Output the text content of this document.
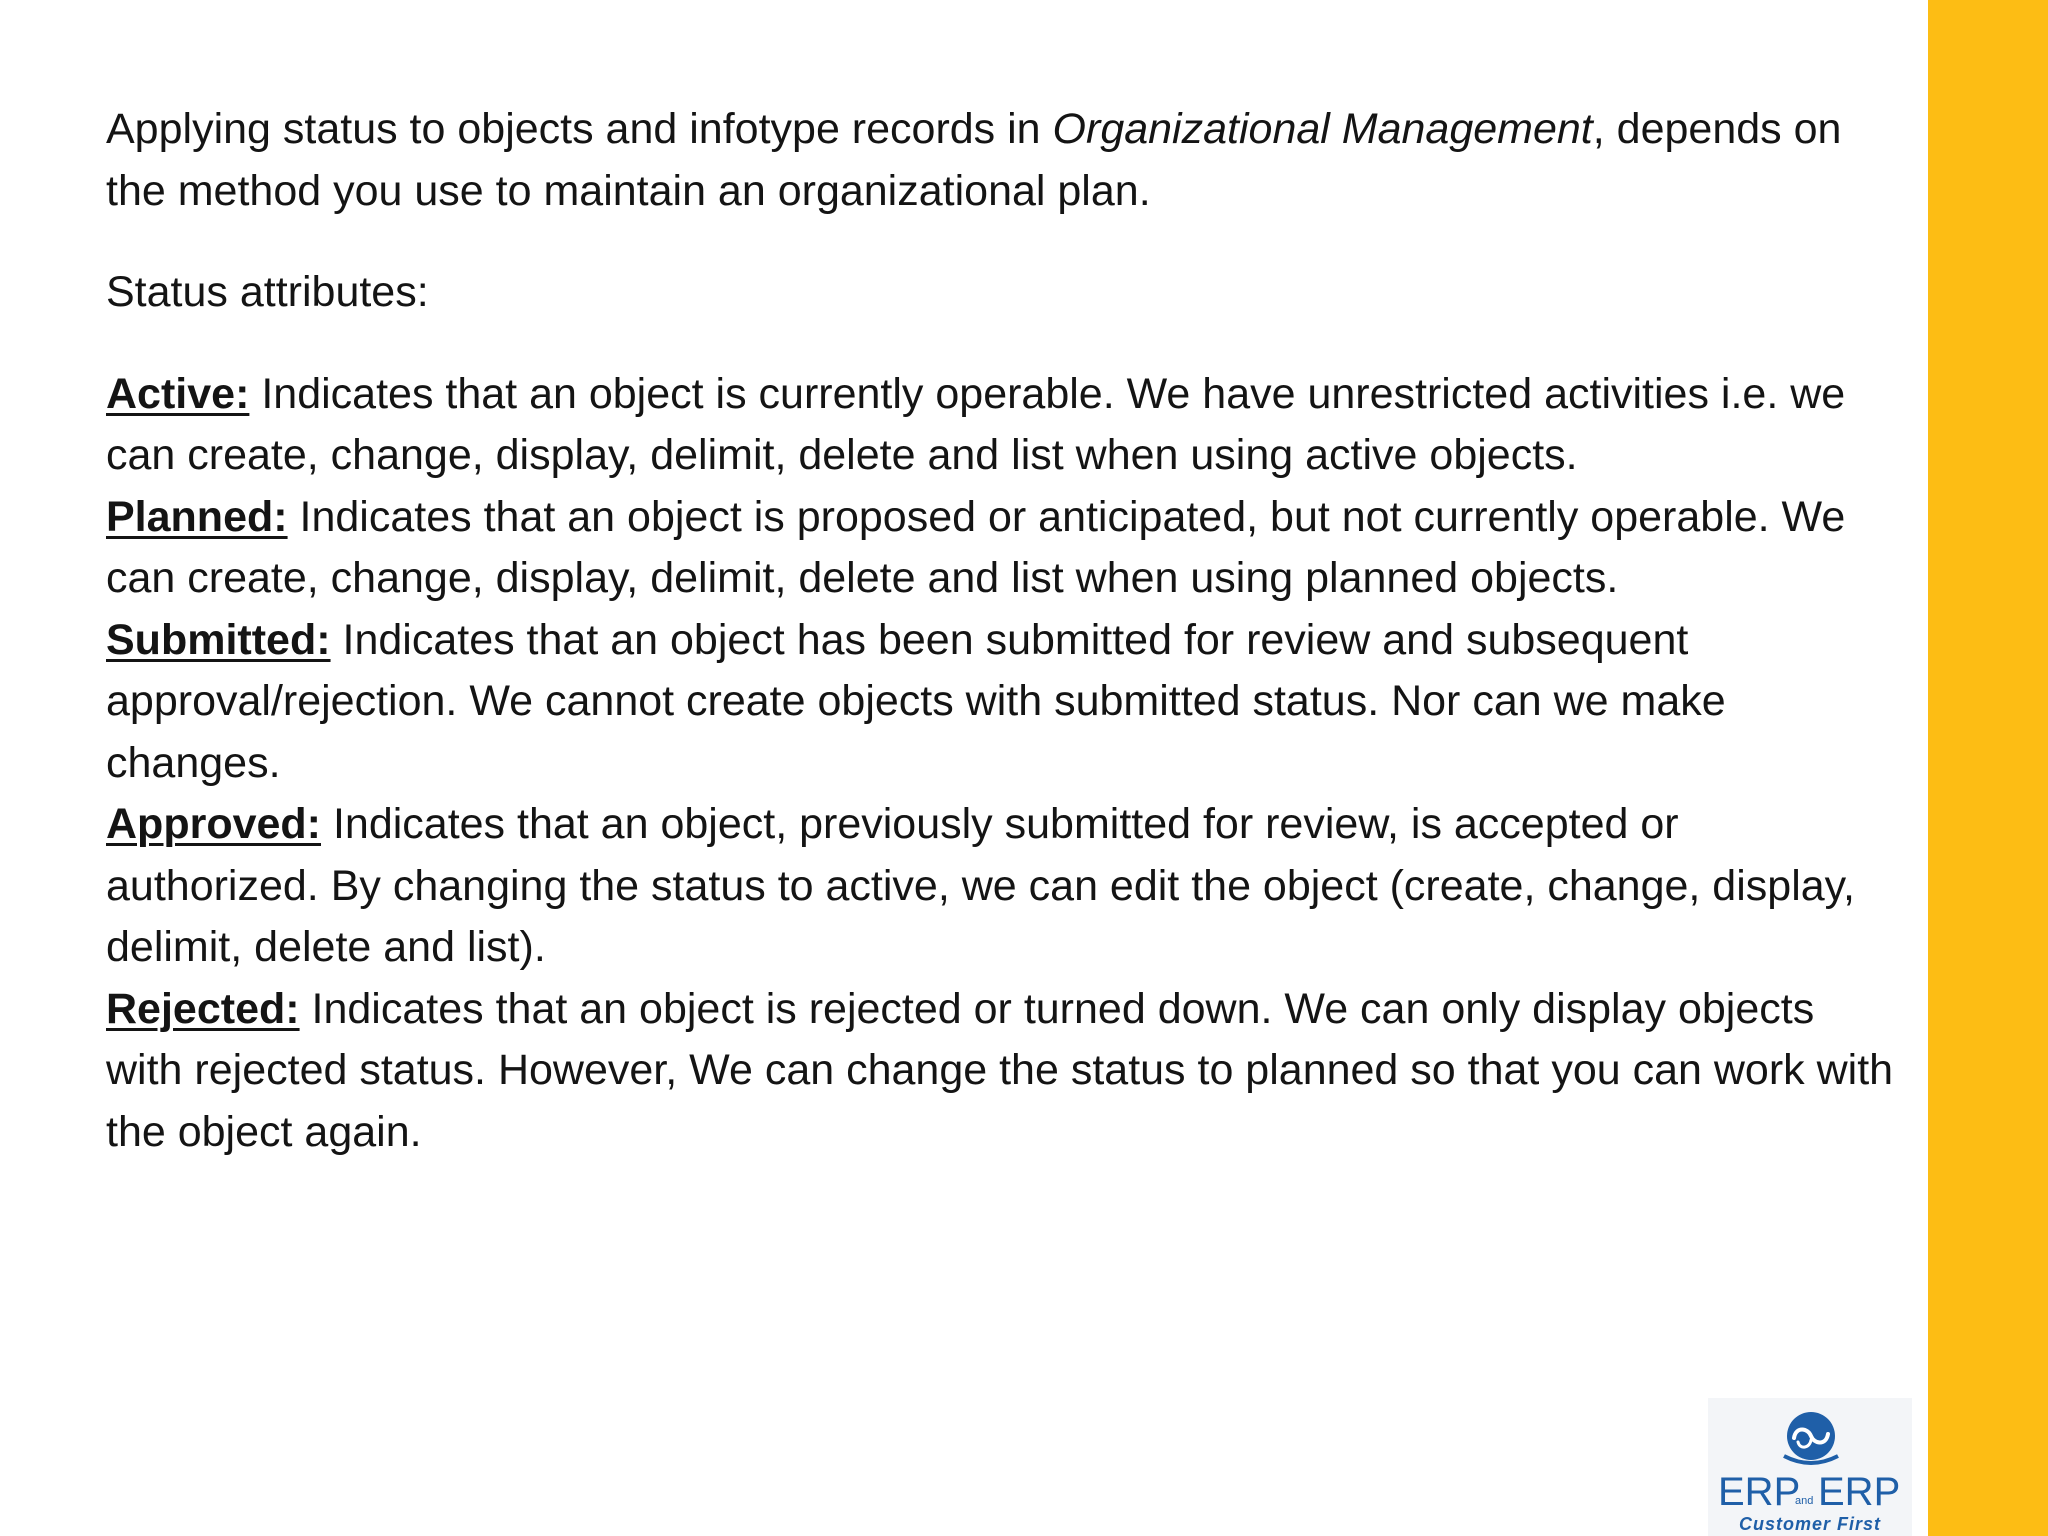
Applying status to objects and infotype records in Organizational Management, depends on the method you use to maintain an organizational plan.

Status attributes:

Active: Indicates that an object is currently operable. We have unrestricted activities i.e. we can create, change, display, delimit, delete and list when using active objects.

Planned: Indicates that an object is proposed or anticipated, but not currently operable. We can create, change, display, delimit, delete and list when using planned objects.

Submitted: Indicates that an object has been submitted for review and subsequent approval/rejection. We cannot create objects with submitted status. Nor can we make changes.

Approved: Indicates that an object, previously submitted for review, is accepted or authorized. By changing the status to active, we can edit the object (create, change, display, delimit, delete and list).

Rejected: Indicates that an object is rejected or turned down. We can only display objects with rejected status. However, We can change the status to planned so that you can work with the object again.

ERP
and ERP
Customer First
